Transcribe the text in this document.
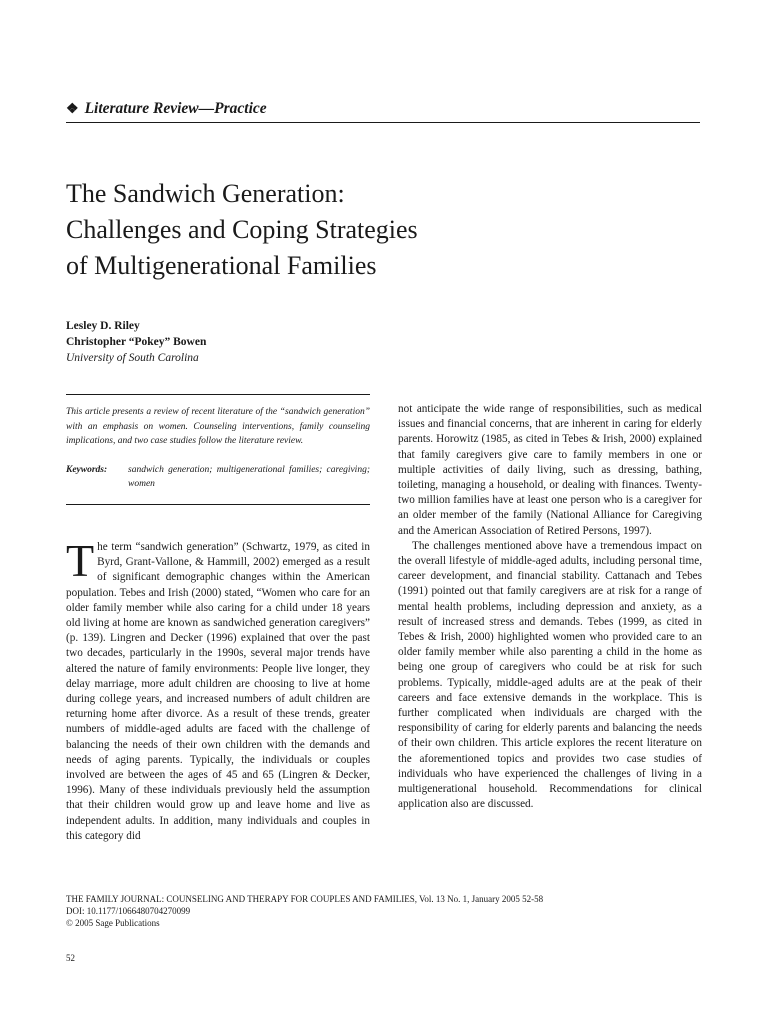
❖ Literature Review—Practice
The Sandwich Generation:
Challenges and Coping Strategies
of Multigenerational Families
Lesley D. Riley
Christopher “Pokey” Bowen
University of South Carolina

This article presents a review of recent literature of the “sandwich generation” with an emphasis on women. Counseling interventions, family counseling implications, and two case studies follow the literature review.

Keywords:	sandwich generation; multigenerational families; caregiving; women

The term “sandwich generation” (Schwartz, 1979, as cited in Byrd, Grant-Vallone, & Hammill, 2002) emerged as a result of significant demographic changes within the American population. Tebes and Irish (2000) stated, “Women who care for an older family member while also caring for a child under 18 years old living at home are known as sandwiched generation caregivers” (p. 139). Lingren and Decker (1996) explained that over the past two decades, particularly in the 1990s, several major trends have altered the nature of family environments: People live longer, they delay marriage, more adult children are choosing to live at home during college years, and increased numbers of adult children are returning home after divorce. As a result of these trends, greater numbers of middle-aged adults are faced with the challenge of balancing the needs of their own children with the demands and needs of aging parents. Typically, the individuals or couples involved are between the ages of 45 and 65 (Lingren & Decker, 1996). Many of these individuals previously held the assumption that their children would grow up and leave home and live as independent adults. In addition, many individuals and couples in this category did

not anticipate the wide range of responsibilities, such as medical issues and financial concerns, that are inherent in caring for elderly parents. Horowitz (1985, as cited in Tebes & Irish, 2000) explained that family caregivers give care to family members in one or multiple activities of daily living, such as dressing, bathing, toileting, managing a household, or dealing with finances. Twenty-two million families have at least one person who is a caregiver for an older member of the family (National Alliance for Caregiving and the American Association of Retired Persons, 1997).

The challenges mentioned above have a tremendous impact on the overall lifestyle of middle-aged adults, including personal time, career development, and financial stability. Cattanach and Tebes (1991) pointed out that family caregivers are at risk for a range of mental health problems, including depression and anxiety, as a result of increased stress and demands. Tebes (1999, as cited in Tebes & Irish, 2000) highlighted women who provided care to an older family member while also parenting a child in the home as being one group of caregivers who could be at risk for such problems. Typically, middle-aged adults are at the peak of their careers and face extensive demands in the workplace. This is further complicated when individuals are charged with the responsibility of caring for elderly parents and balancing the needs of their own children. This article explores the recent literature on the aforementioned topics and provides two case studies of individuals who have experienced the challenges of living in a multigenerational household. Recommendations for clinical application also are discussed.

THE FAMILY JOURNAL: COUNSELING AND THERAPY FOR COUPLES AND FAMILIES, Vol. 13 No. 1, January 2005 52-58
DOI: 10.1177/1066480704270099
© 2005 Sage Publications
52
